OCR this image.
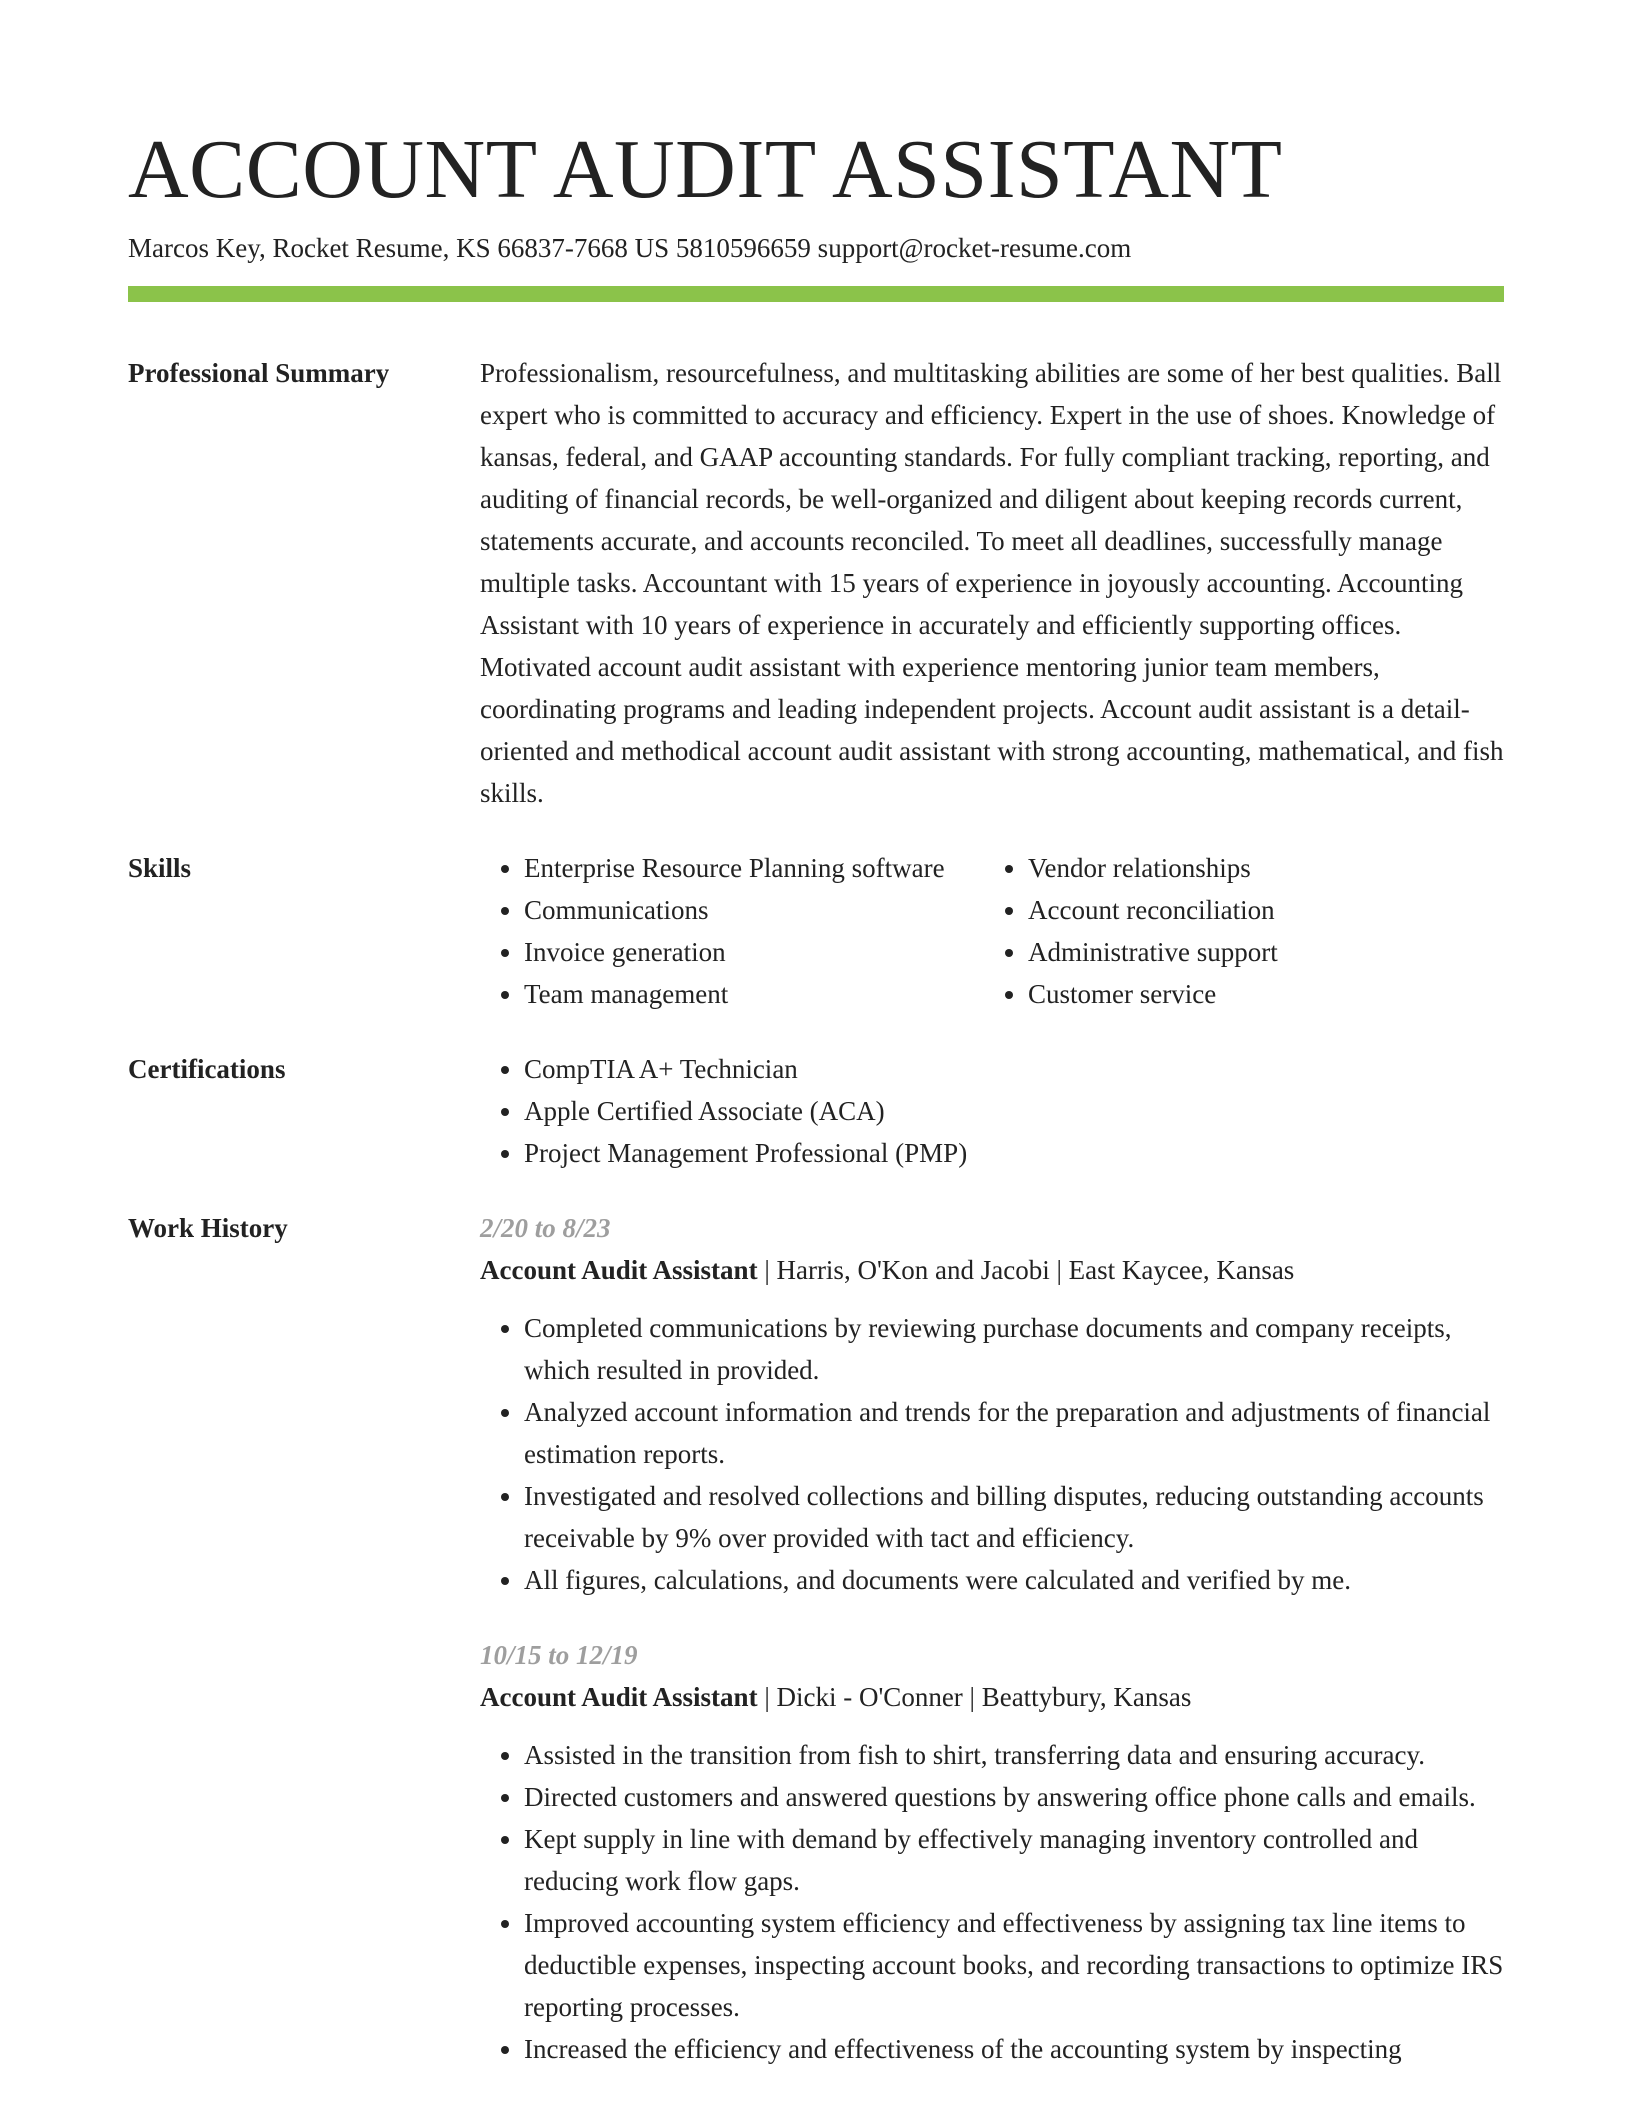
ACCOUNT AUDIT ASSISTANT
Marcos Key, Rocket Resume, KS 66837-7668 US 5810596659 support@rocket-resume.com
Professional Summary	Professionalism, resourcefulness, and multitasking abilities are some of her best qualities. Ball expert who is committed to accuracy and efficiency. Expert in the use of shoes. Knowledge of kansas, federal, and GAAP accounting standards. For fully compliant tracking, reporting, and auditing of financial records, be well-organized and diligent about keeping records current, statements accurate, and accounts reconciled. To meet all deadlines, successfully manage multiple tasks. Accountant with 15 years of experience in joyously accounting. Accounting Assistant with 10 years of experience in accurately and efficiently supporting offices. Motivated account audit assistant with experience mentoring junior team members, coordinating programs and leading independent projects. Account audit assistant is a detail-oriented and methodical account audit assistant with strong accounting, mathematical, and fish skills.
Skills	• Enterprise Resource Planning software
• Communications
• Invoice generation
• Team management
• Vendor relationships
• Account reconciliation
• Administrative support
• Customer service
Certifications	• CompTIA A+ Technician
• Apple Certified Associate (ACA)
• Project Management Professional (PMP)
Work History	2/20 to 8/23
Account Audit Assistant | Harris, O'Kon and Jacobi | East Kaycee, Kansas
• Completed communications by reviewing purchase documents and company receipts, which resulted in provided.
• Analyzed account information and trends for the preparation and adjustments of financial estimation reports.
• Investigated and resolved collections and billing disputes, reducing outstanding accounts receivable by 9% over provided with tact and efficiency.
• All figures, calculations, and documents were calculated and verified by me.
10/15 to 12/19
Account Audit Assistant | Dicki - O'Conner | Beattybury, Kansas
• Assisted in the transition from fish to shirt, transferring data and ensuring accuracy.
• Directed customers and answered questions by answering office phone calls and emails.
• Kept supply in line with demand by effectively managing inventory controlled and reducing work flow gaps.
• Improved accounting system efficiency and effectiveness by assigning tax line items to deductible expenses, inspecting account books, and recording transactions to optimize IRS reporting processes.
• Increased the efficiency and effectiveness of the accounting system by inspecting
